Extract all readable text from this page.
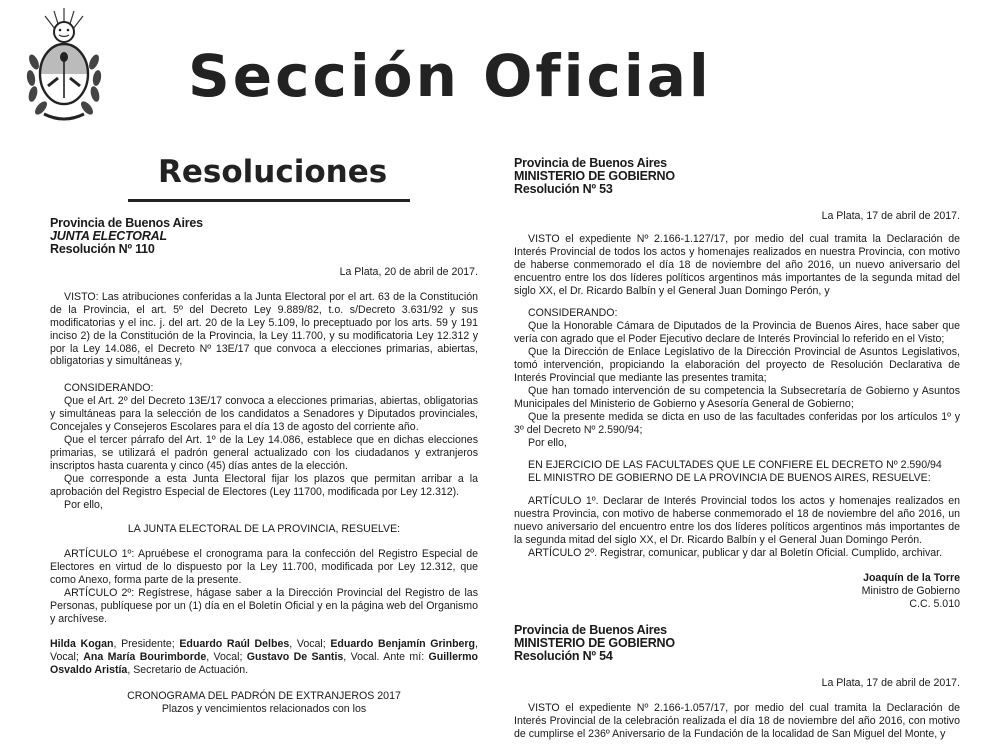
Sección Oficial
Resoluciones
Provincia de Buenos Aires
JUNTA ELECTORAL
Resolución Nº 110

La Plata, 20 de abril de 2017.

VISTO: Las atribuciones conferidas a la Junta Electoral por el art. 63 de la Constitución de la Provincia, el art. 5º del Decreto Ley 9.889/82, t.o. s/Decreto 3.631/92 y sus modificatorias y el inc. j. del art. 20 de la Ley 5.109, lo preceptuado por los arts. 59 y 191 inciso 2) de la Constitución de la Provincia, la Ley 11.700, y su modificatoria Ley 12.312 y por la Ley 14.086, el Decreto Nº 13E/17 que convoca a elecciones primarias, abiertas, obligatorias y simultáneas y,

CONSIDERANDO:

Que el Art. 2º del Decreto 13E/17 convoca a elecciones primarias, abiertas, obligatorias y simultáneas para la selección de los candidatos a Senadores y Diputados provinciales, Concejales y Consejeros Escolares para el día 13 de agosto del corriente año.

Que el tercer párrafo del Art. 1º de la Ley 14.086, establece que en dichas elecciones primarias, se utilizará el padrón general actualizado con los ciudadanos y extranjeros inscriptos hasta cuarenta y cinco (45) días antes de la elección.

Que corresponde a esta Junta Electoral fijar los plazos que permitan arribar a la aprobación del Registro Especial de Electores (Ley 11700, modificada por Ley 12.312).

Por ello,

LA JUNTA ELECTORAL DE LA PROVINCIA, RESUELVE:

ARTÍCULO 1º: Apruébese el cronograma para la confección del Registro Especial de Electores en virtud de lo dispuesto por la Ley 11.700, modificada por Ley 12.312, que como Anexo, forma parte de la presente.

ARTÍCULO 2º: Regístrese, hágase saber a la Dirección Provincial del Registro de las Personas, publíquese por un (1) día en el Boletín Oficial y en la página web del Organismo y archívese.

Hilda Kogan, Presidente; Eduardo Raúl Delbes, Vocal; Eduardo Benjamín Grinberg, Vocal; Ana María Bourimborde, Vocal; Gustavo De Santis, Vocal. Ante mí: Guillermo Osvaldo Aristía, Secretario de Actuación.

CRONOGRAMA DEL PADRÓN DE EXTRANJEROS 2017

Plazos y vencimientos relacionados con los

Provincia de Buenos Aires
MINISTERIO DE GOBIERNO
Resolución Nº 53

La Plata, 17 de abril de 2017.

VISTO el expediente Nº 2.166-1.127/17, por medio del cual tramita la Declaración de Interés Provincial de todos los actos y homenajes realizados en nuestra Provincia, con motivo de haberse conmemorado el día 18 de noviembre del año 2016, un nuevo aniversario del encuentro entre los dos líderes políticos argentinos más importantes de la segunda mitad del siglo XX, el Dr. Ricardo Balbín y el General Juan Domingo Perón, y

CONSIDERANDO:

Que la Honorable Cámara de Diputados de la Provincia de Buenos Aires, hace saber que vería con agrado que el Poder Ejecutivo declare de Interés Provincial lo referido en el Visto;

Que la Dirección de Enlace Legislativo de la Dirección Provincial de Asuntos Legislativos, tomó intervención, propiciando la elaboración del proyecto de Resolución Declarativa de Interés Provincial que mediante las presentes tramita;

Que han tomado intervención de su competencia la Subsecretaría de Gobierno y Asuntos Municipales del Ministerio de Gobierno y Asesoría General de Gobierno;

Que la presente medida se dicta en uso de las facultades conferidas por los artículos 1º y 3º del Decreto Nº 2.590/94;

Por ello,

EN EJERCICIO DE LAS FACULTADES QUE LE CONFIERE EL DECRETO Nº 2.590/94

EL MINISTRO DE GOBIERNO DE LA PROVINCIA DE BUENOS AIRES, RESUELVE:

ARTÍCULO 1º. Declarar de Interés Provincial todos los actos y homenajes realizados en nuestra Provincia, con motivo de haberse conmemorado el 18 de noviembre del año 2016, un nuevo aniversario del encuentro entre los dos líderes políticos argentinos más importantes de la segunda mitad del siglo XX, el Dr. Ricardo Balbín y el General Juan Domingo Perón.

ARTÍCULO 2º. Registrar, comunicar, publicar y dar al Boletín Oficial. Cumplido, archivar.

Joaquín de la Torre
Ministro de Gobierno
C.C. 5.010
Provincia de Buenos Aires
MINISTERIO DE GOBIERNO
Resolución Nº 54

La Plata, 17 de abril de 2017.

VISTO el expediente Nº 2.166-1.057/17, por medio del cual tramita la Declaración de Interés Provincial de la celebración realizada el día 18 de noviembre del año 2016, con motivo de cumplirse el 236º Aniversario de la Fundación de la localidad de San Miguel del Monte, y
